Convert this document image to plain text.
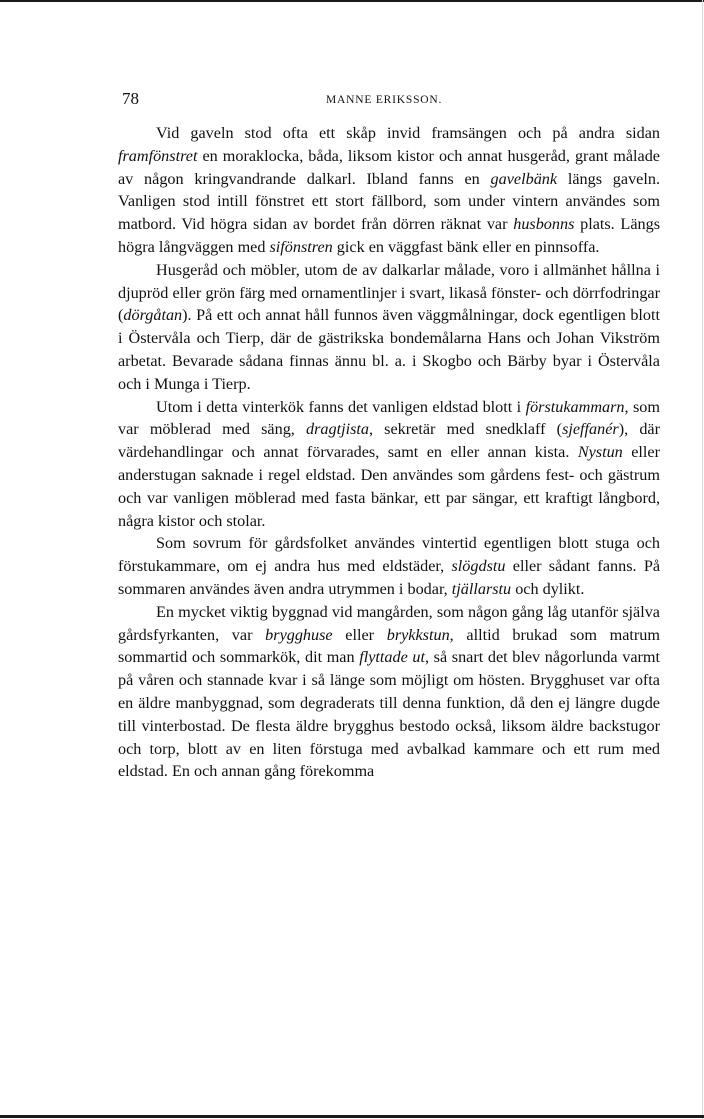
78	MANNE ERIKSSON.

Vid gaveln stod ofta ett skåp invid framsängen och på andra sidan framfönstret en moraklocka, båda, liksom kistor och annat husgeråd, grant målade av någon kringvandrande dalkarl. Ibland fanns en gavelbänk längs gaveln. Vanligen stod intill fönstret ett stort fällbord, som under vintern användes som matbord. Vid högra sidan av bordet från dörren räknat var husbonns plats. Längs högra långväggen med sifönstren gick en väggfast bänk eller en pinnsoffa.

Husgeråd och möbler, utom de av dalkarlar målade, voro i allmänhet hållna i djupröd eller grön färg med ornamentlinjer i svart, likaså fönster- och dörrfodringar (dörgåtan). På ett och annat håll funnos även väggmålningar, dock egentligen blott i Östervåla och Tierp, där de gästrikska bondemålarna Hans och Johan Vikström arbetat. Bevarade sådana finnas ännu bl. a. i Skogbo och Bärby byar i Östervåla och i Munga i Tierp.

Utom i detta vinterkök fanns det vanligen eldstad blott i förstukammarn, som var möblerad med säng, dragtjista, sekretär med snedklaff (sjeffanér), där värdehandlingar och annat förvarades, samt en eller annan kista. Nystun eller anderstugan saknade i regel eldstad. Den användes som gårdens fest- och gästrum och var vanligen möblerad med fasta bänkar, ett par sängar, ett kraftigt långbord, några kistor och stolar.

Som sovrum för gårdsfolket användes vintertid egentligen blott stuga och förstukammare, om ej andra hus med eldstäder, slögdstu eller sådant fanns. På sommaren användes även andra utrymmen i bodar, tjällarstu och dylikt.

En mycket viktig byggnad vid mangården, som någon gång låg utanför själva gårdsfyrkanten, var brygghuse eller brykkstun, alltid brukad som matrum sommartid och sommarkök, dit man flyttade ut, så snart det blev någorlunda varmt på våren och stannade kvar i så länge som möjligt om hösten. Brygghuset var ofta en äldre manbyggnad, som degraderats till denna funktion, då den ej längre dugde till vinterbostad. De flesta äldre brygghus bestodo också, liksom äldre backstugor och torp, blott av en liten förstuga med avbalkad kammare och ett rum med eldstad. En och annan gång förekomma
